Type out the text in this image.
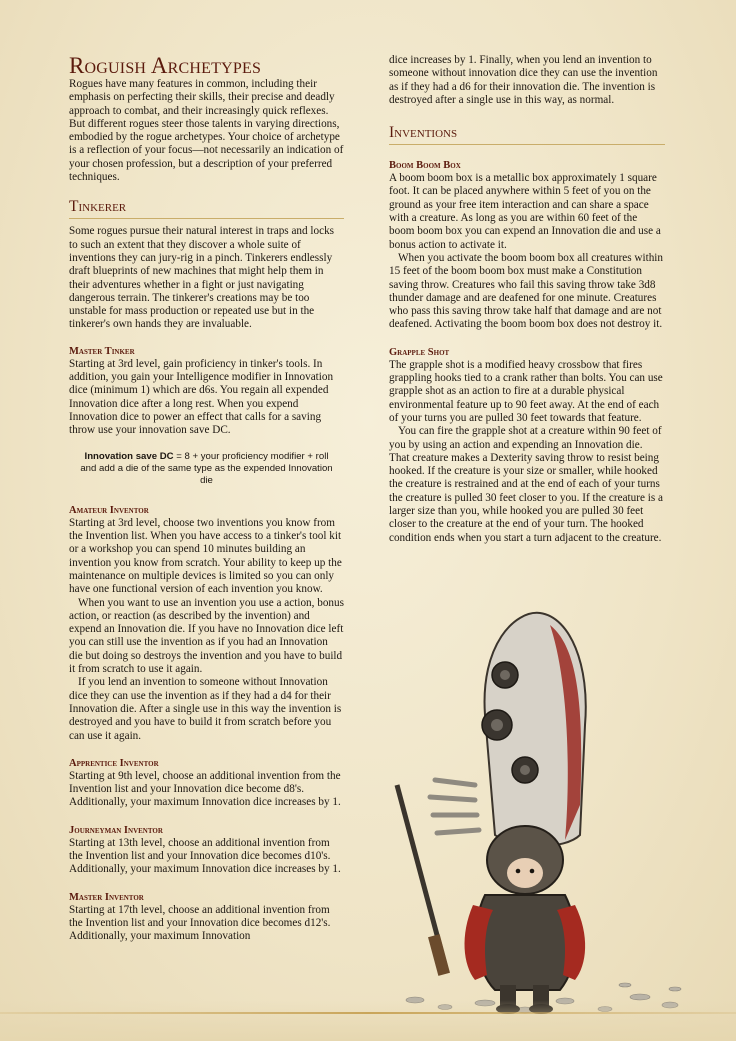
Roguish Archetypes

Rogues have many features in common, including their emphasis on perfecting their skills, their precise and deadly approach to combat, and their increasingly quick reflexes. But different rogues steer those talents in varying directions, embodied by the rogue archetypes. Your choice of archetype is a reflection of your focus—not necessarily an indication of your chosen profession, but a description of your preferred techniques.

Tinkerer

Some rogues pursue their natural interest in traps and locks to such an extent that they discover a whole suite of inventions they can jury-rig in a pinch. Tinkerers endlessly draft blueprints of new machines that might help them in their adventures whether in a fight or just navigating dangerous terrain. The tinkerer's creations may be too unstable for mass production or repeated use but in the tinkerer's own hands they are invaluable.

Master Tinker

Starting at 3rd level, gain proficiency in tinker's tools. In addition, you gain your Intelligence modifier in Innovation dice (minimum 1) which are d6s. You regain all expended Innovation dice after a long rest. When you expend Innovation dice to power an effect that calls for a saving throw use your innovation save DC.

Innovation save DC = 8 + your proficiency modifier + roll and add a die of the same type as the expended Innovation die
Amateur Inventor

Starting at 3rd level, choose two inventions you know from the Invention list. When you have access to a tinker's tool kit or a workshop you can spend 10 minutes building an invention you know from scratch. Your ability to keep up the maintenance on multiple devices is limited so you can only have one functional version of each invention you know.

When you want to use an invention you use a action, bonus action, or reaction (as described by the invention) and expend an Innovation die. If you have no Innovation dice left you can still use the invention as if you had an Innovation die but doing so destroys the invention and you have to build it from scratch to use it again.

If you lend an invention to someone without Innovation dice they can use the invention as if they had a d4 for their Innovation die. After a single use in this way the invention is destroyed and you have to build it from scratch before you can use it again.

Apprentice Inventor

Starting at 9th level, choose an additional invention from the Invention list and your Innovation dice become d8's. Additionally, your maximum Innovation dice increases by 1.

Journeyman Inventor

Starting at 13th level, choose an additional invention from the Invention list and your Innovation dice becomes d10's. Additionally, your maximum Innovation dice increases by 1.

Master Inventor

Starting at 17th level, choose an additional invention from the Invention list and your Innovation dice becomes d12's. Additionally, your maximum Innovation

dice increases by 1. Finally, when you lend an invention to someone without innovation dice they can use the invention as if they had a d6 for their innovation die. The invention is destroyed after a single use in this way, as normal.

Inventions
Boom Boom Box

A boom boom box is a metallic box approximately 1 square foot. It can be placed anywhere within 5 feet of you on the ground as your free item interaction and can share a space with a creature. As long as you are within 60 feet of the boom boom box you can expend an Innovation die and use a bonus action to activate it.

When you activate the boom boom box all creatures within 15 feet of the boom boom box must make a Constitution saving throw. Creatures who fail this saving throw take 3d8 thunder damage and are deafened for one minute. Creatures who pass this saving throw take half that damage and are not deafened. Activating the boom boom box does not destroy it.

Grapple Shot

The grapple shot is a modified heavy crossbow that fires grappling hooks tied to a crank rather than bolts. You can use grapple shot as an action to fire at a durable physical environmental feature up to 90 feet away. At the end of each of your turns you are pulled 30 feet towards that feature.

You can fire the grapple shot at a creature within 90 feet of you by using an action and expending an Innovation die. That creature makes a Dexterity saving throw to resist being hooked. If the creature is your size or smaller, while hooked the creature is restrained and at the end of each of your turns the creature is pulled 30 feet closer to you. If the creature is a larger size than you, while hooked you are pulled 30 feet closer to the creature at the end of your turn. The hooked condition ends when you start a turn adjacent to the creature.
